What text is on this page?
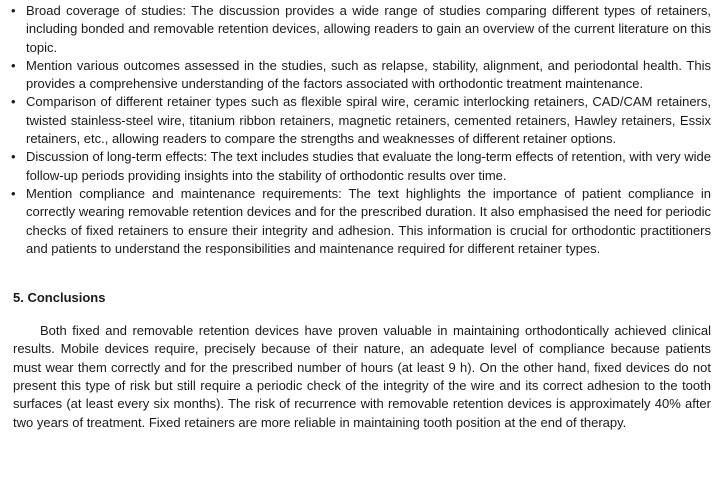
• Broad coverage of studies: The discussion provides a wide range of studies comparing different types of retainers, including bonded and removable retention devices, allowing readers to gain an overview of the current literature on this topic.
• Mention various outcomes assessed in the studies, such as relapse, stability, alignment, and periodontal health. This provides a comprehensive understanding of the factors associated with orthodontic treatment maintenance.
• Comparison of different retainer types such as flexible spiral wire, ceramic interlocking retainers, CAD/CAM retainers, twisted stainless-steel wire, titanium ribbon retainers, magnetic retainers, cemented retainers, Hawley retainers, Essix retainers, etc., allowing readers to compare the strengths and weaknesses of different retainer options.
• Discussion of long-term effects: The text includes studies that evaluate the long-term effects of retention, with very wide follow-up periods providing insights into the stability of orthodontic results over time.
• Mention compliance and maintenance requirements: The text highlights the importance of patient compliance in correctly wearing removable retention devices and for the prescribed duration. It also emphasised the need for periodic checks of fixed retainers to ensure their integrity and adhesion. This information is crucial for orthodontic practitioners and patients to understand the responsibilities and maintenance required for different retainer types.
5. Conclusions

Both fixed and removable retention devices have proven valuable in maintaining orthodontically achieved clinical results. Mobile devices require, precisely because of their nature, an adequate level of compliance because patients must wear them correctly and for the prescribed number of hours (at least 9 h). On the other hand, fixed devices do not present this type of risk but still require a periodic check of the integrity of the wire and its correct adhesion to the tooth surfaces (at least every six months). The risk of recurrence with removable retention devices is approximately 40% after two years of treatment. Fixed retainers are more reliable in maintaining tooth position at the end of therapy.
